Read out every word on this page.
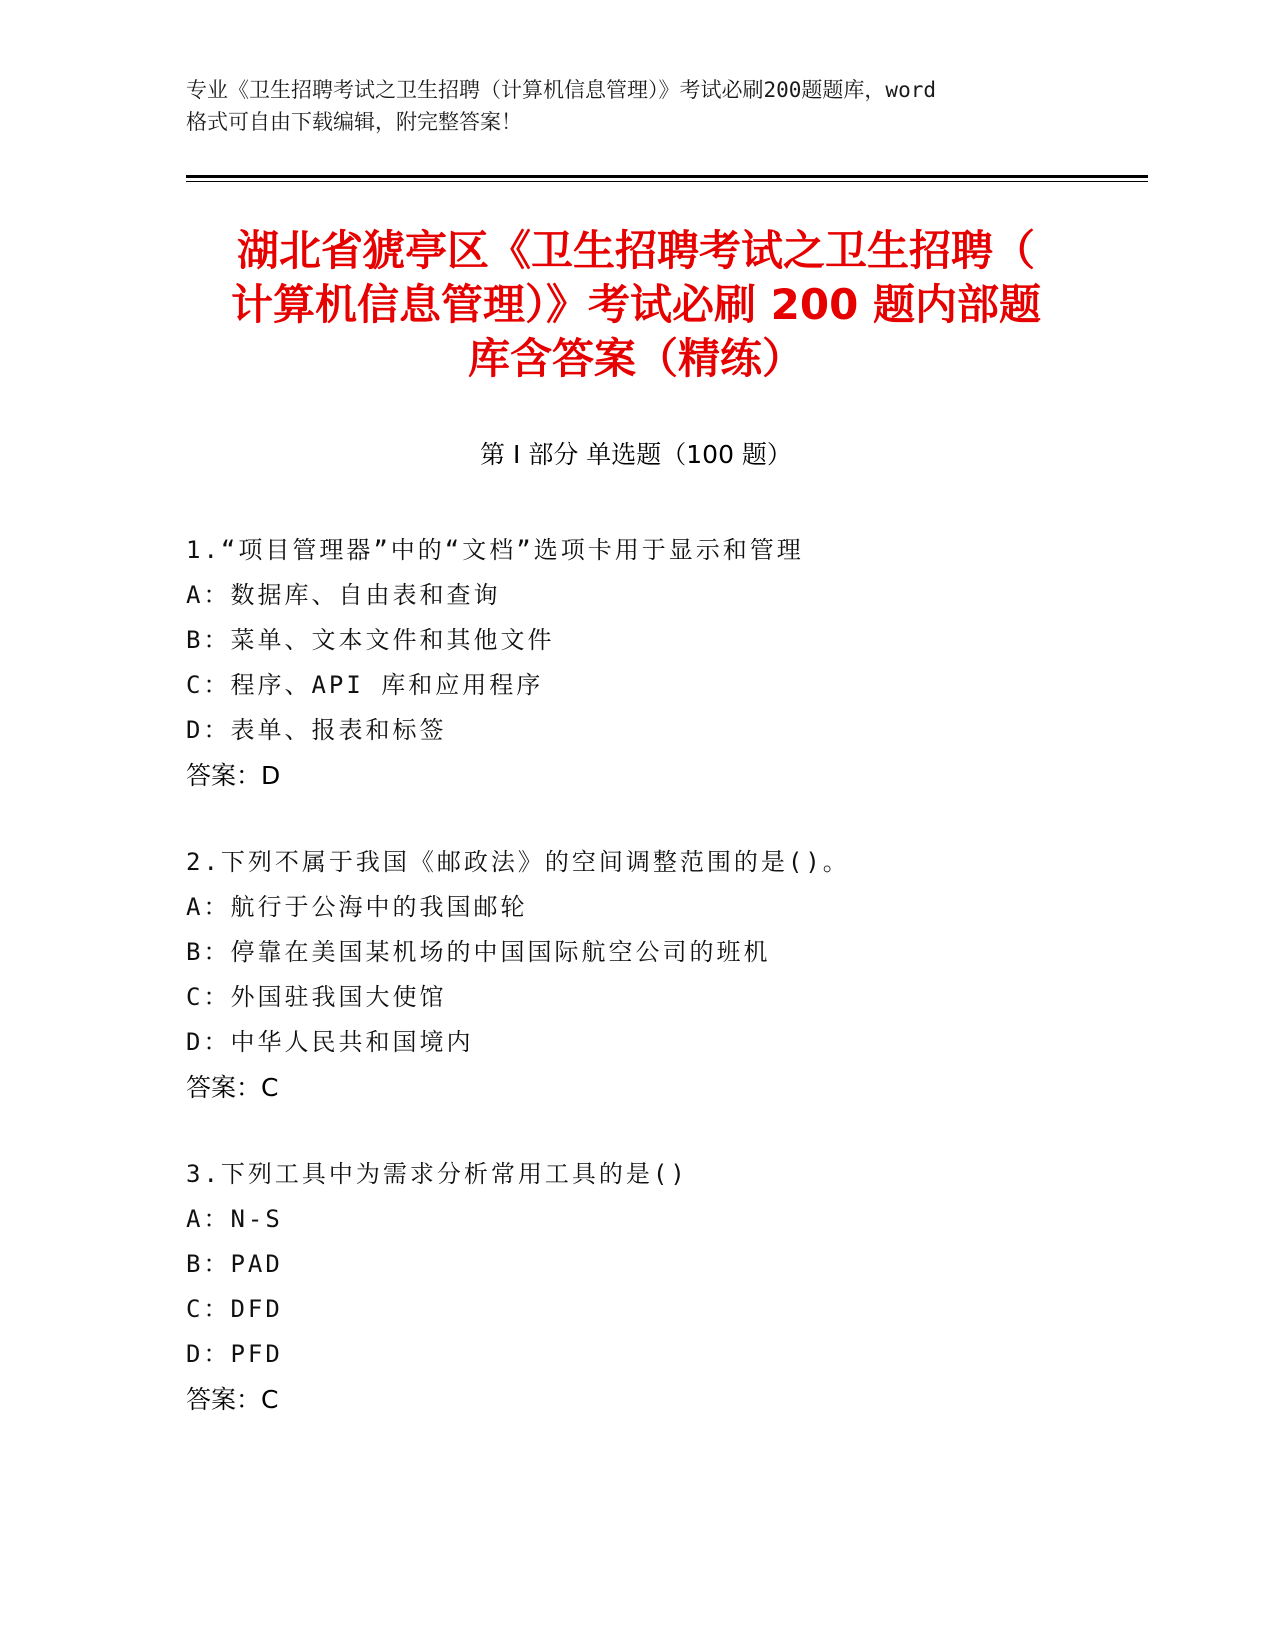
专业《卫生招聘考试之卫生招聘（计算机信息管理）》考试必刷200题题库，word
格式可自由下载编辑，附完整答案！
湖北省猇亭区《卫生招聘考试之卫生招聘（
计算机信息管理）》考试必刷 200 题内部题
库含答案（精练）
第 I 部分 单选题（100 题）
1.“项目管理器”中的“文档”选项卡用于显示和管理
A：数据库、自由表和查询
B：菜单、文本文件和其他文件
C：程序、API 库和应用程序
D：表单、报表和标签
答案：D
2.下列不属于我国《邮政法》的空间调整范围的是()。
A：航行于公海中的我国邮轮
B：停靠在美国某机场的中国国际航空公司的班机
C：外国驻我国大使馆
D：中华人民共和国境内
答案：C
3.下列工具中为需求分析常用工具的是()
A：N-S
B：PAD
C：DFD
D：PFD
答案：C
